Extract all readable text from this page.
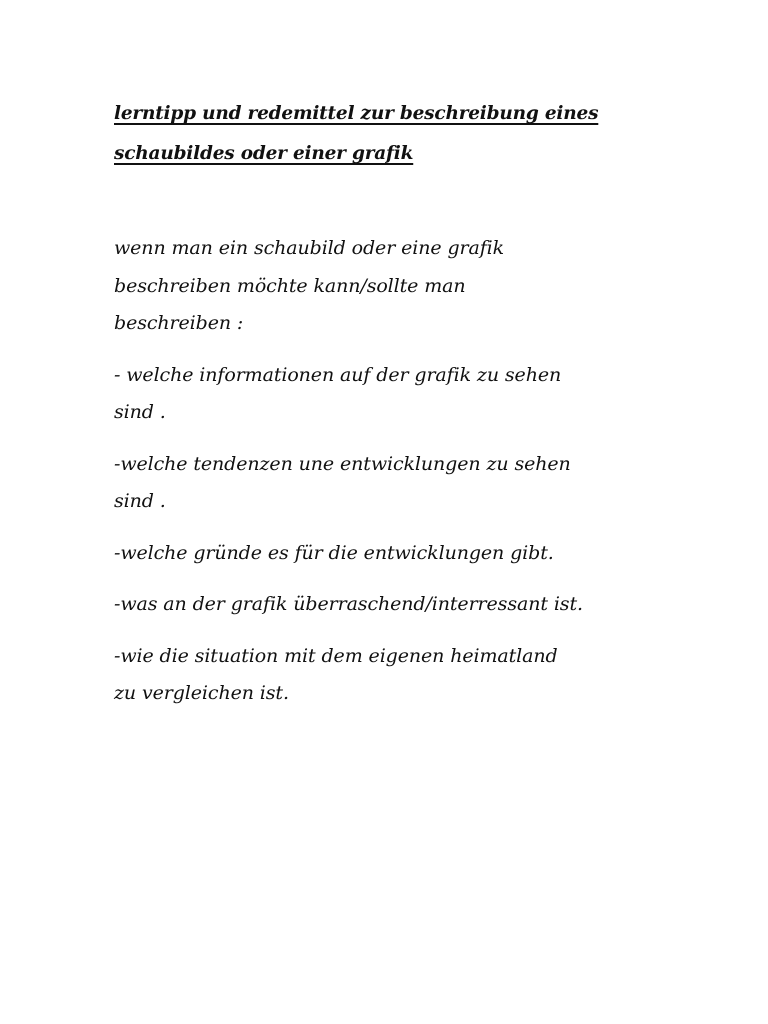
lerntipp und redemittel zur beschreibung eines
schaubildes oder einer grafik

wenn man ein schaubild oder eine grafik
beschreiben möchte kann/sollte man
beschreiben :

- welche informationen auf der grafik zu sehen
sind .

-welche tendenzen une entwicklungen zu sehen
sind .

-welche gründe es für die entwicklungen gibt.

-was an der grafik überraschend/interressant ist.

-wie die situation mit dem eigenen heimatland
zu vergleichen ist.
